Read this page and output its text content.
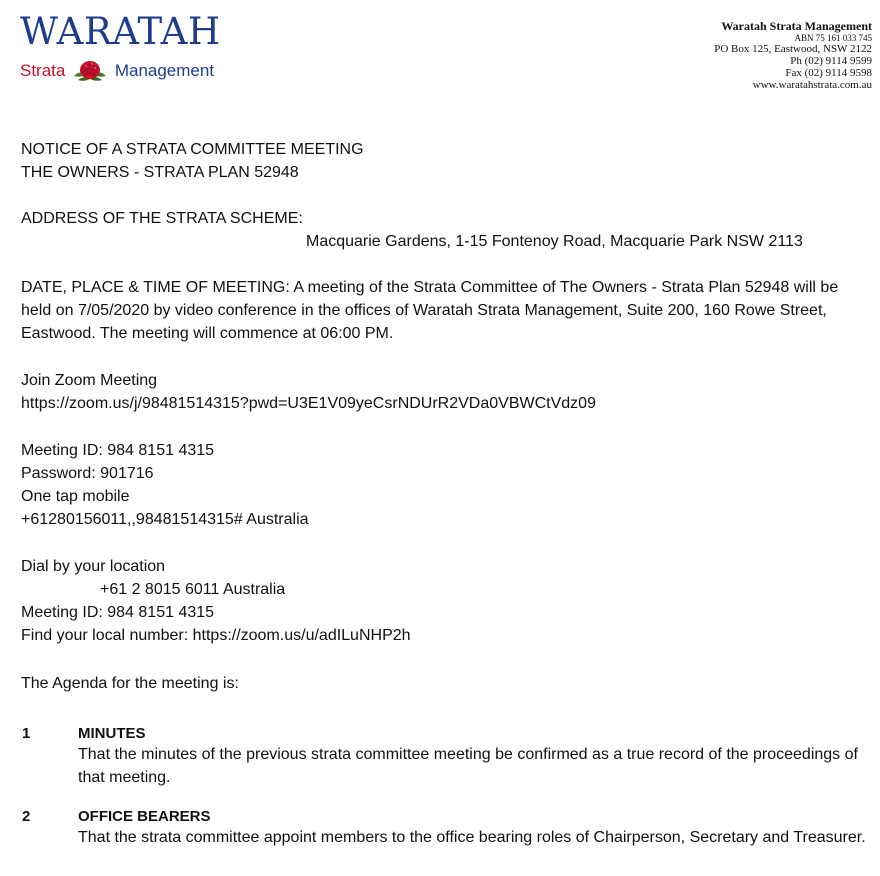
WARATAH
Strata	Management
Waratah Strata Management
ABN 75 161 033 745
PO Box 125, Eastwood, NSW 2122
Ph (02) 9114 9599
Fax (02) 9114 9598
www.waratahstrata.com.au
NOTICE OF A STRATA COMMITTEE MEETING
THE OWNERS - STRATA PLAN 52948
ADDRESS OF THE STRATA SCHEME:
Macquarie Gardens, 1-15 Fontenoy Road, Macquarie Park NSW 2113
DATE, PLACE & TIME OF MEETING: A meeting of the Strata Committee of The Owners - Strata Plan 52948 will be held on 7/05/2020 by video conference in the offices of Waratah Strata Management, Suite 200, 160 Rowe Street, Eastwood. The meeting will commence at 06:00 PM.
Join Zoom Meeting
https://zoom.us/j/98481514315?pwd=U3E1V09yeCsrNDUrR2VDa0VBWCtVdz09
Meeting ID: 984 8151 4315
Password: 901716
One tap mobile
+61280156011,,98481514315# Australia
Dial by your location
+61 2 8015 6011 Australia
Meeting ID: 984 8151 4315
Find your local number: https://zoom.us/u/adILuNHP2h
The Agenda for the meeting is:
1	MINUTES
That the minutes of the previous strata committee meeting be confirmed as a true record of the proceedings of that meeting.
2	OFFICE BEARERS
That the strata committee appoint members to the office bearing roles of Chairperson, Secretary and Treasurer.
